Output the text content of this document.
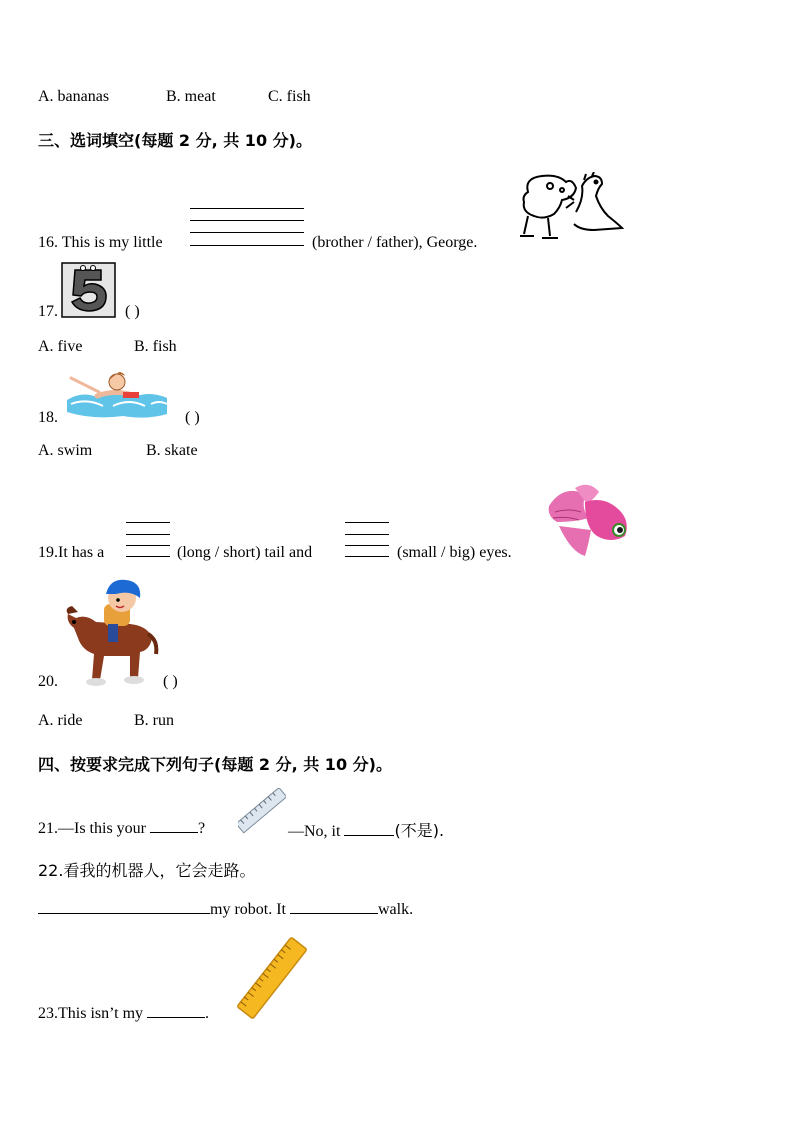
A. bananas	B. meat	C. fish
三、选词填空(每题 2 分, 共 10 分)。
16. This is my little	(brother / father), George.
17.	( )
A. five	B. fish
18.	( )
A. swim	B. skate
19.It has a	(long / short) tail and	(small / big) eyes.
20.	( )
A. ride	B. run
四、按要求完成下列句子(每题 2 分, 共 10 分)。
21.—Is this your	?	—No, it	(不是).
22.看我的机器人，它会走路。
my robot. It	walk.
23.This isn’t my	.
